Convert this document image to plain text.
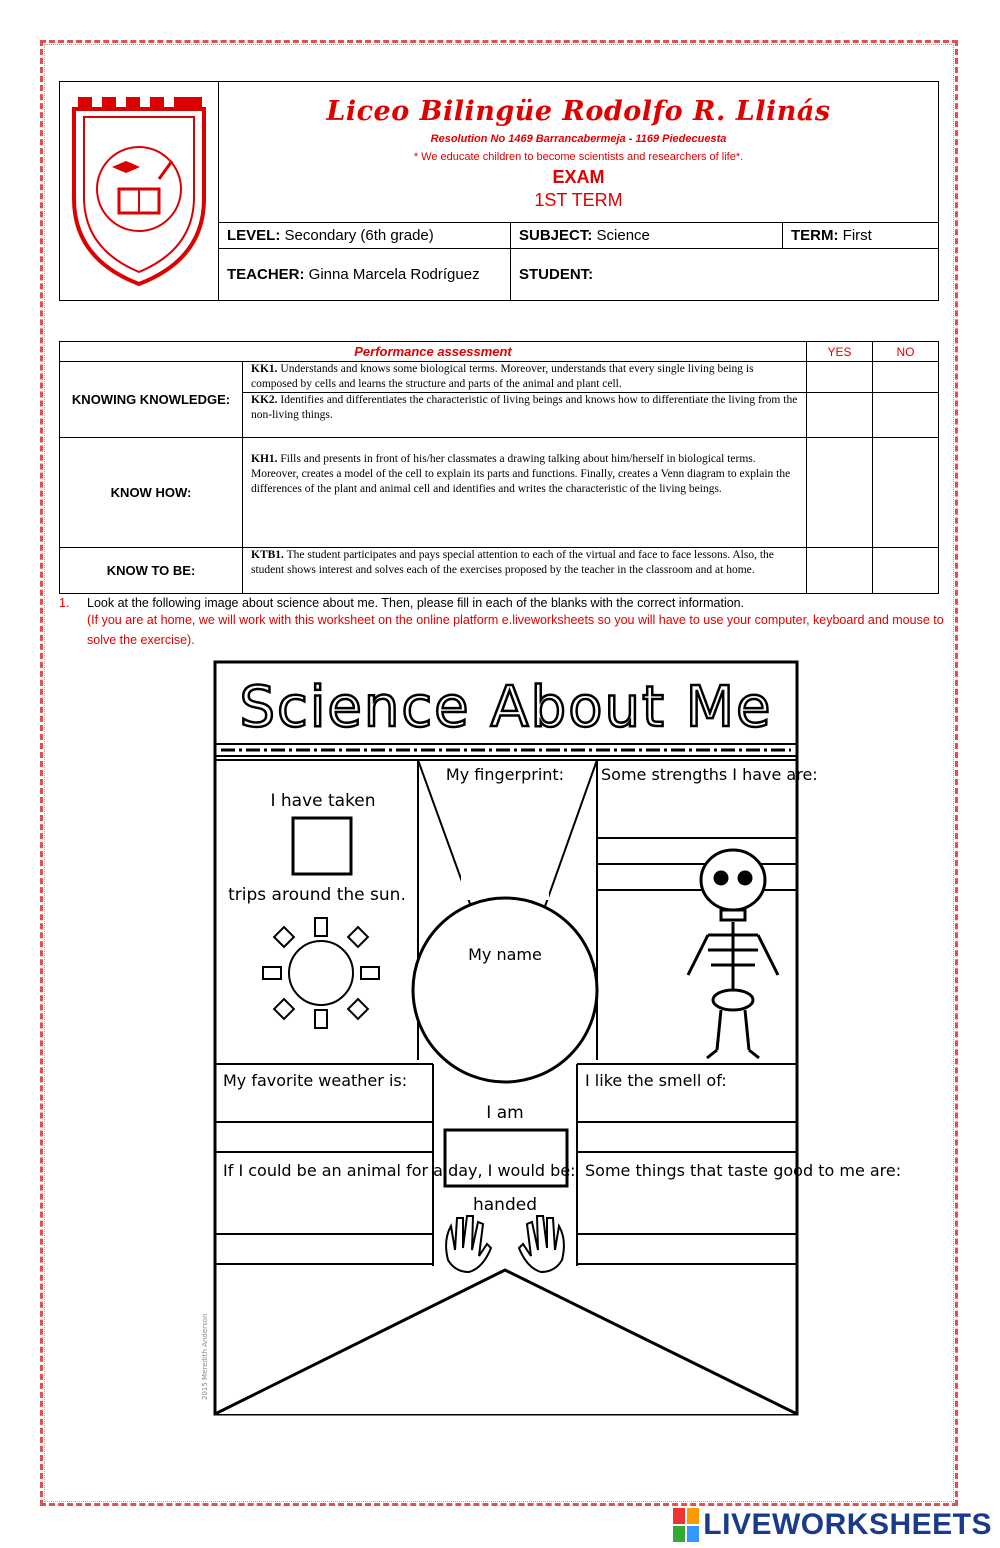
Liceo Bilingüe Rodolfo R. Llinás
Resolution No 1469 Barrancabermeja - 1169 Piedecuesta
* We educate children to become scientists and researchers of life*.
EXAM
1ST TERM		

	LEVEL: Secondary (6th grade)	SUBJECT: Science	TERM: First
	TEACHER: Ginna Marcela Rodríguez	STUDENT:	
Performance assessment		YES	NO
KNOWING KNOWLEDGE:	KK1. Understands and knows some biological terms. Moreover, understands that every single living being is composed by cells and learns the structure and parts of the animal and plant cell.		
	KK2. Identifies and differentiates the characteristic of living beings and knows how to differentiate the living from the non-living things.		
KNOW HOW:	KH1. Fills and presents in front of his/her classmates a drawing talking about him/herself in biological terms. Moreover, creates a model of the cell to explain its parts and functions. Finally, creates a Venn diagram to explain the differences of the plant and animal cell and identifies and writes the characteristic of the living beings.		
KNOW TO BE:	KTB1. The student participates and pays special attention to each of the virtual and face to face lessons. Also, the student shows interest and solves each of the exercises proposed by the teacher in the classroom and at home.		
1. Look at the following image about science about me. Then, please fill in each of the blanks with the correct information.
(If you are at home, we will work with this worksheet on the online platform e.liveworksheets so you will have to use your computer, keyboard and mouse to solve the exercise).
Science About Me
I have taken
trips around the sun.
My fingerprint: Some strengths I have are:
My name
My favorite weather is:	I like the smell of:
I am
handed
If I could be an animal for a day, I would be: Some things that taste good to me are:
2015 Meredith Anderson
LIVEWORKSHEETS
